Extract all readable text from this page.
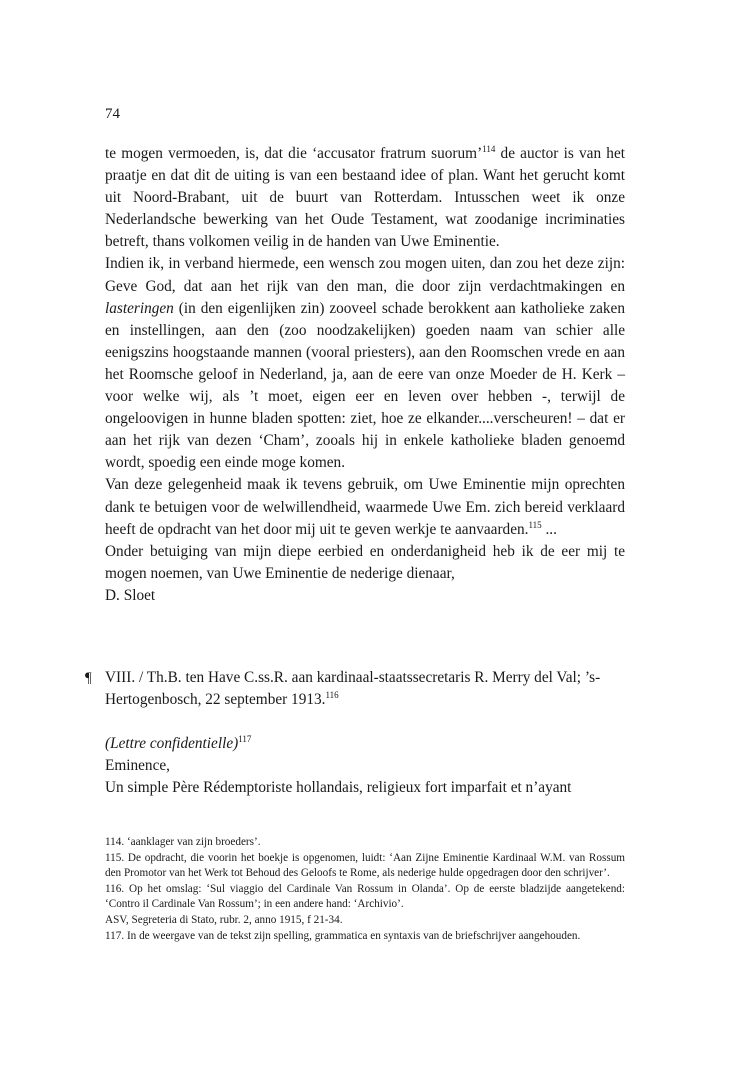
74

te mogen vermoeden, is, dat die ‘accusator fratrum suorum’$^{114}$ de auctor is van het praatje en dat dit de uiting is van een bestaand idee of plan. Want het gerucht komt uit Noord-Brabant, uit de buurt van Rotterdam. Intusschen weet ik onze Nederlandsche bewerking van het Oude Testament, wat zoodanige incriminaties betreft, thans volkomen veilig in de handen van Uwe Eminentie.

Indien ik, in verband hiermede, een wensch zou mogen uiten, dan zou het deze zijn: Geve God, dat aan het rijk van den man, die door zijn verdachtmakingen en lasteringen (in den eigenlijken zin) zooveel schade berokkent aan katholieke zaken en instellingen, aan den (zoo noodzakelijken) goeden naam van schier alle eenigszins hoogstaande mannen (vooral priesters), aan den Roomschen vrede en aan het Roomsche geloof in Nederland, ja, aan de eere van onze Moeder de H. Kerk – voor welke wij, als ’t moet, eigen eer en leven over hebben -, terwijl de ongeloovigen in hunne bladen spotten: ziet, hoe ze elkander....verscheuren! – dat er aan het rijk van dezen ‘Cham’, zooals hij in enkele katholieke bladen genoemd wordt, spoedig een einde moge komen.

Van deze gelegenheid maak ik tevens gebruik, om Uwe Eminentie mijn oprechten dank te betuigen voor de welwillendheid, waarmede Uwe Em. zich bereid verklaard heeft de opdracht van het door mij uit te geven werkje te aanvaarden.$^{115}$ ...

Onder betuiging van mijn diepe eerbied en onderdanigheid heb ik de eer mij te mogen noemen, van Uwe Eminentie de nederige dienaar,

D. Sloet

¶ VIII. / Th.B. ten Have C.ss.R. aan kardinaal-staatssecretaris R. Merry del Val; ’s-Hertogenbosch, 22 september 1913.$^{116}$

(Lettre confidentielle)$^{117}$

Eminence,

Un simple Père Rédemptoriste hollandais, religieux fort imparfait et n’ayant

114. ‘aanklager van zijn broeders’.

115. De opdracht, die voorin het boekje is opgenomen, luidt: ‘Aan Zijne Eminentie Kardinaal W.M. van Rossum den Promotor van het Werk tot Behoud des Geloofs te Rome, als nederige hulde opgedragen door den schrijver’.

116. Op het omslag: ‘Sul viaggio del Cardinale Van Rossum in Olanda’. Op de eerste bladzijde aangetekend: ‘Contro il Cardinale Van Rossum’; in een andere hand: ‘Archivio’.

ASV, Segreteria di Stato, rubr. 2, anno 1915, f 21-34.

117. In de weergave van de tekst zijn spelling, grammatica en syntaxis van de briefschrijver aangehouden.
